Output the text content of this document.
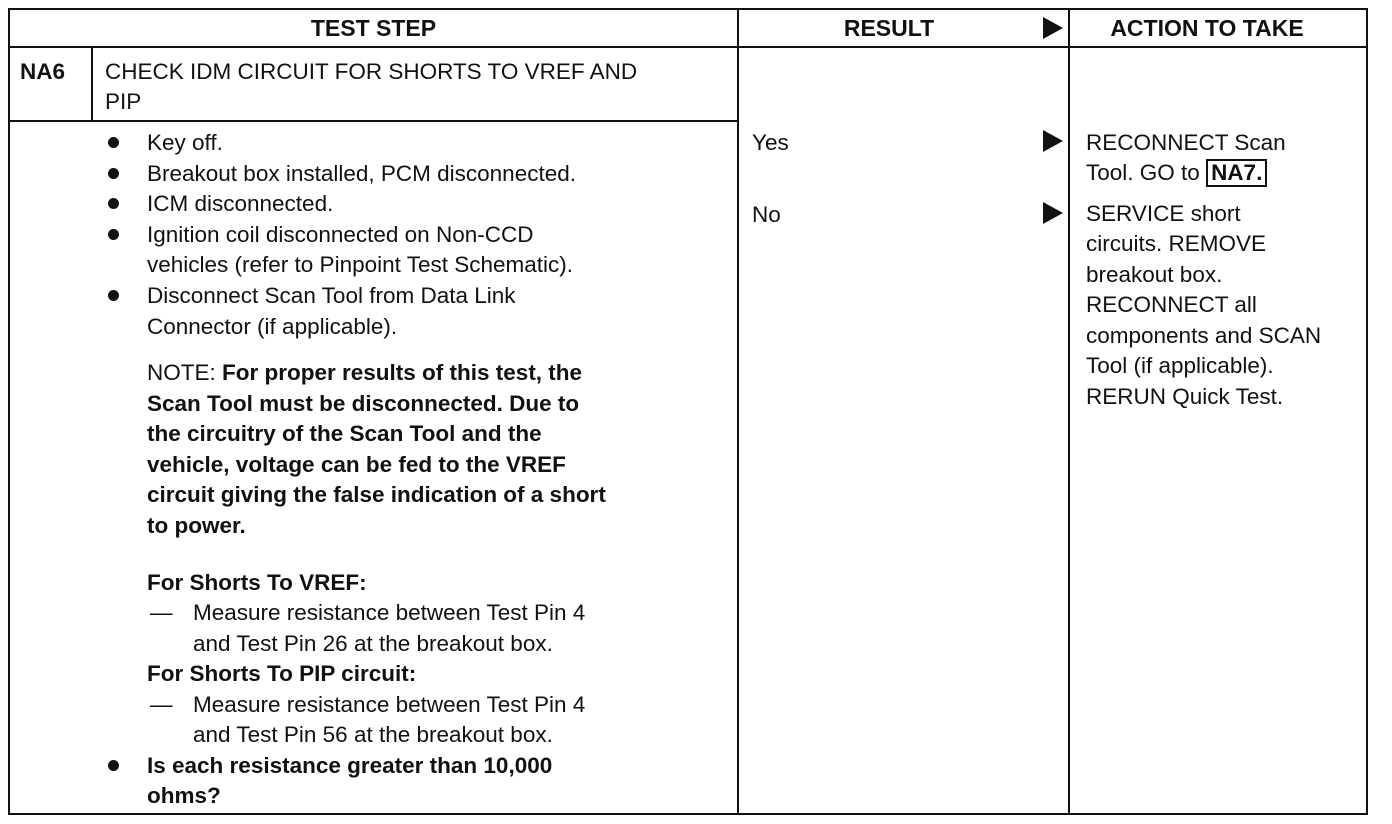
TEST STEP	RESULT	ACTION TO TAKE
NA6 CHECK IDM CIRCUIT FOR SHORTS TO VREF AND
PIP
Key off.
Breakout box installed, PCM disconnected.
ICM disconnected.
Ignition coil disconnected on Non-CCD
vehicles (refer to Pinpoint Test Schematic).
Disconnect Scan Tool from Data Link
Connector (if applicable).
NOTE: For proper results of this test, the
Scan Tool must be disconnected. Due to
the circuitry of the Scan Tool and the
vehicle, voltage can be fed to the VREF
circuit giving the false indication of a short
to power.
For Shorts To VREF:
— Measure resistance between Test Pin 4
and Test Pin 26 at the breakout box.
For Shorts To PIP circuit:
— Measure resistance between Test Pin 4
and Test Pin 56 at the breakout box.
Is each resistance greater than 10,000
ohms?
Yes
No
RECONNECT Scan
Tool. GO to NA7.
SERVICE short
circuits. REMOVE
breakout box.
RECONNECT all
components and SCAN
Tool (if applicable).
RERUN Quick Test.
